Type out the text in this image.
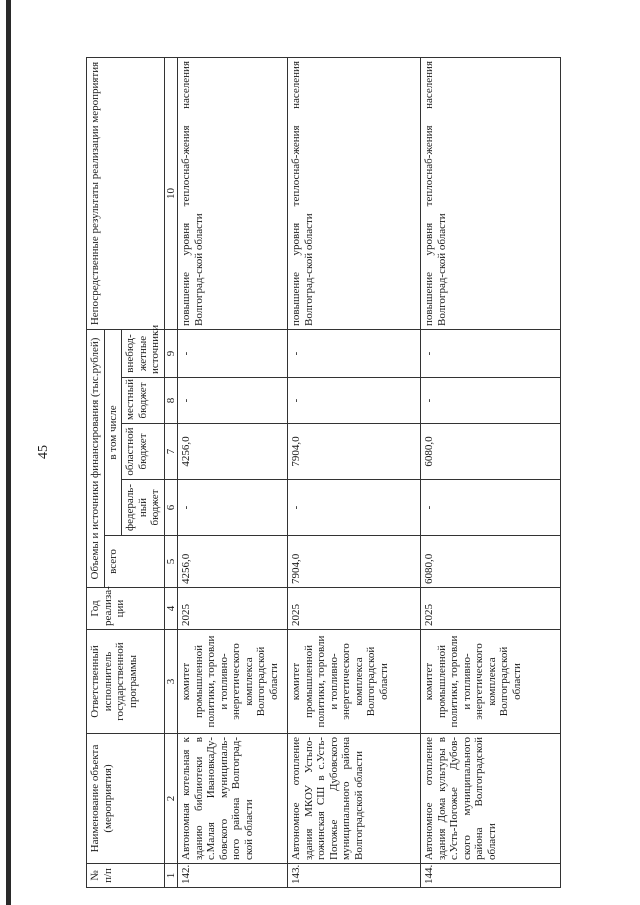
45
№ п/п	Наименование объекта (мероприятия)	Ответственный исполнитель государственной программы	Год реализа-ции	Объемы и источники финансирования (тыс.рублей)					Непосредственные результаты реализации мероприятия
				всего	в том числе				
					федераль-ный бюджет	областной бюджет	местный бюджет	внебюд-жетные источники	
1	2	3	4	5	6	7	8	9	10
142.	Автономная котельная к зданию библиотеки в с.Малая ИвановкаДу-бовского муниципаль-ного района Волгоград-ской области	комитет промышленной политики, торговли и топливно-энергетического комплекса Волгоградской области	2025	4256,0	-	4256,0	-	-	повышение уровня теплоснаб-жения населения Волгоград-ской области
143.	Автономное отопление здания МКОУ Устьпо-гожинская СШ в с.Усть-Погожье Дубовского муниципального района Волгоградской области	комитет промышленной политики, торговли и топливно-энергетического комплекса Волгоградской области	2025	7904,0	-	7904,0	-	-	повышение уровня теплоснаб-жения населения Волгоград-ской области
144.	Автономное отопление здания Дома культуры в с.Усть-Погожье Дубов-ского муниципального района Волгоградской области	комитет промышленной политики, торговли и топливно-энергетического комплекса Волгоградской области	2025	6080,0	-	6080,0	-	-	повышение уровня теплоснаб-жения населения Волгоград-ской области
